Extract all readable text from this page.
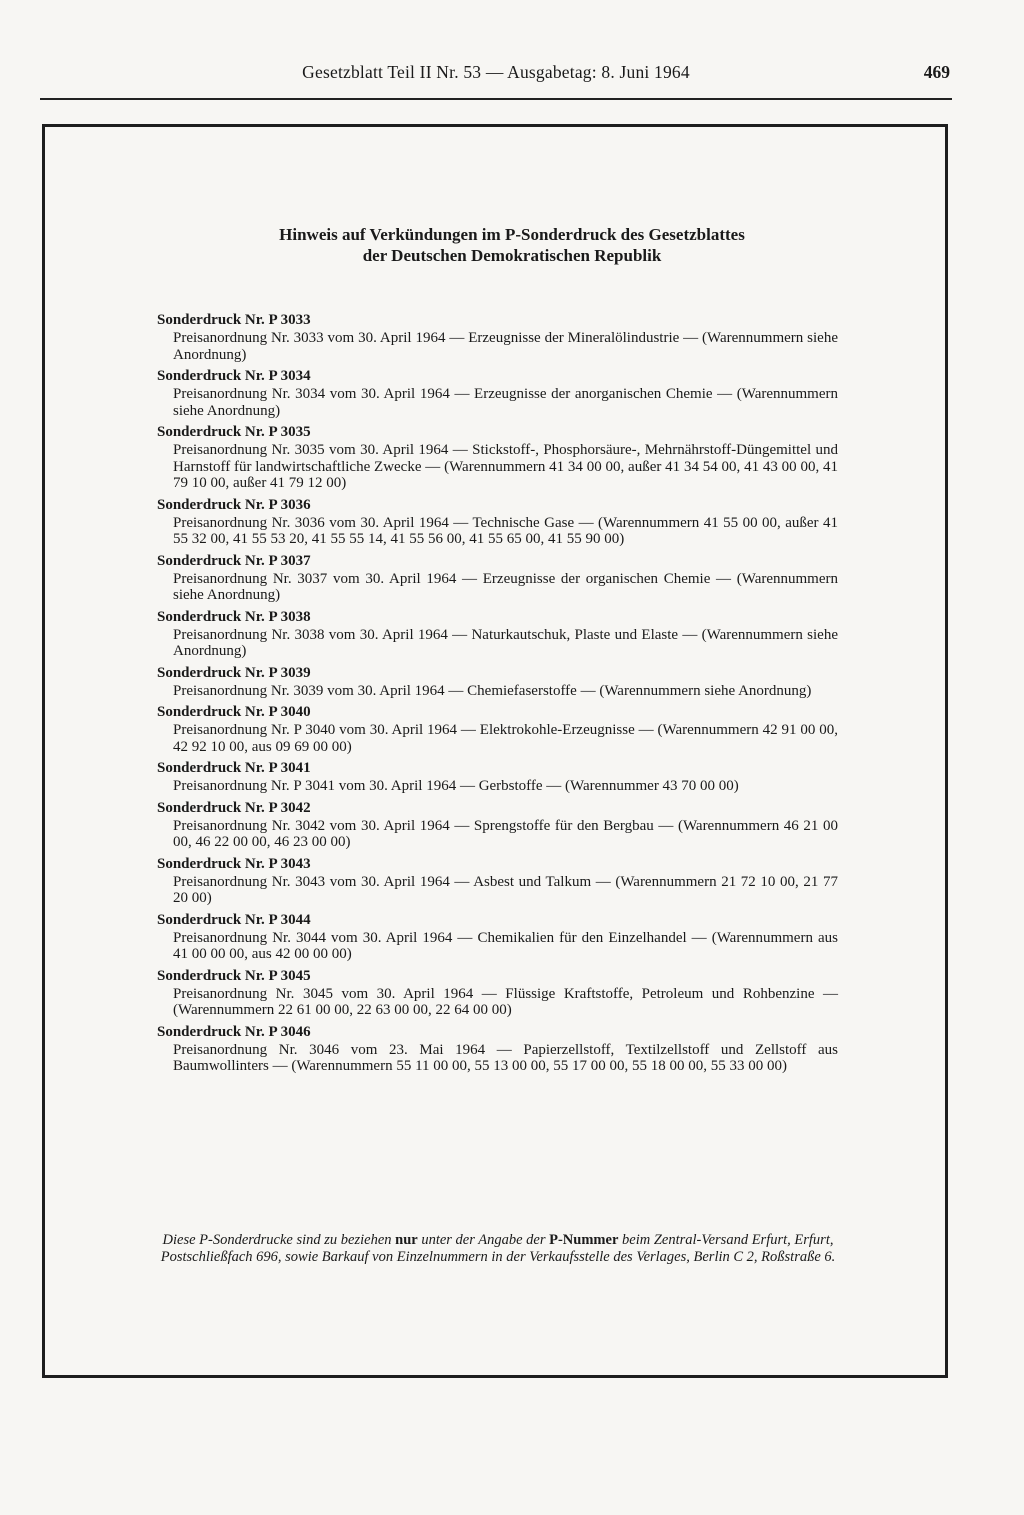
Gesetzblatt Teil II Nr. 53 — Ausgabetag: 8. Juni 1964	469
Hinweis auf Verkündungen im P-Sonderdruck des Gesetzblattes
der Deutschen Demokratischen Republik
Sonderdruck Nr. P 3033
Preisanordnung Nr. 3033 vom 30. April 1964 — Erzeugnisse der Mineralölindustrie — (Warennummern siehe Anordnung)
Sonderdruck Nr. P 3034
Preisanordnung Nr. 3034 vom 30. April 1964 — Erzeugnisse der anorganischen Chemie — (Warennummern siehe Anordnung)
Sonderdruck Nr. P 3035
Preisanordnung Nr. 3035 vom 30. April 1964 — Stickstoff-, Phosphorsäure-, Mehrnährstoff-Düngemittel und Harnstoff für landwirtschaftliche Zwecke — (Warennummern 41 34 00 00, außer 41 34 54 00, 41 43 00 00, 41 79 10 00, außer 41 79 12 00)
Sonderdruck Nr. P 3036
Preisanordnung Nr. 3036 vom 30. April 1964 — Technische Gase — (Warennummern 41 55 00 00, außer 41 55 32 00, 41 55 53 20, 41 55 55 14, 41 55 56 00, 41 55 65 00, 41 55 90 00)
Sonderdruck Nr. P 3037
Preisanordnung Nr. 3037 vom 30. April 1964 — Erzeugnisse der organischen Chemie — (Warennummern siehe Anordnung)
Sonderdruck Nr. P 3038
Preisanordnung Nr. 3038 vom 30. April 1964 — Naturkautschuk, Plaste und Elaste — (Warennummern siehe Anordnung)
Sonderdruck Nr. P 3039
Preisanordnung Nr. 3039 vom 30. April 1964 — Chemiefaserstoffe — (Warennummern siehe Anordnung)
Sonderdruck Nr. P 3040
Preisanordnung Nr. P 3040 vom 30. April 1964 — Elektrokohle-Erzeugnisse — (Warennummern 42 91 00 00, 42 92 10 00, aus 09 69 00 00)
Sonderdruck Nr. P 3041
Preisanordnung Nr. P 3041 vom 30. April 1964 — Gerbstoffe — (Warennummer 43 70 00 00)
Sonderdruck Nr. P 3042
Preisanordnung Nr. 3042 vom 30. April 1964 — Sprengstoffe für den Bergbau — (Warennummern 46 21 00 00, 46 22 00 00, 46 23 00 00)
Sonderdruck Nr. P 3043
Preisanordnung Nr. 3043 vom 30. April 1964 — Asbest und Talkum — (Warennummern 21 72 10 00, 21 77 20 00)
Sonderdruck Nr. P 3044
Preisanordnung Nr. 3044 vom 30. April 1964 — Chemikalien für den Einzelhandel — (Warennummern aus 41 00 00 00, aus 42 00 00 00)
Sonderdruck Nr. P 3045
Preisanordnung Nr. 3045 vom 30. April 1964 — Flüssige Kraftstoffe, Petroleum und Rohbenzine — (Warennummern 22 61 00 00, 22 63 00 00, 22 64 00 00)
Sonderdruck Nr. P 3046
Preisanordnung Nr. 3046 vom 23. Mai 1964 — Papierzellstoff, Textilzellstoff und Zellstoff aus Baumwollinters — (Warennummern 55 11 00 00, 55 13 00 00, 55 17 00 00, 55 18 00 00, 55 33 00 00)
Diese P-Sonderdrucke sind zu beziehen nur unter der Angabe der P-Nummer beim Zentral-Versand Erfurt, Erfurt, Postschließfach 696, sowie Barkauf von Einzelnummern in der Verkaufsstelle des Verlages, Berlin C 2, Roßstraße 6.
